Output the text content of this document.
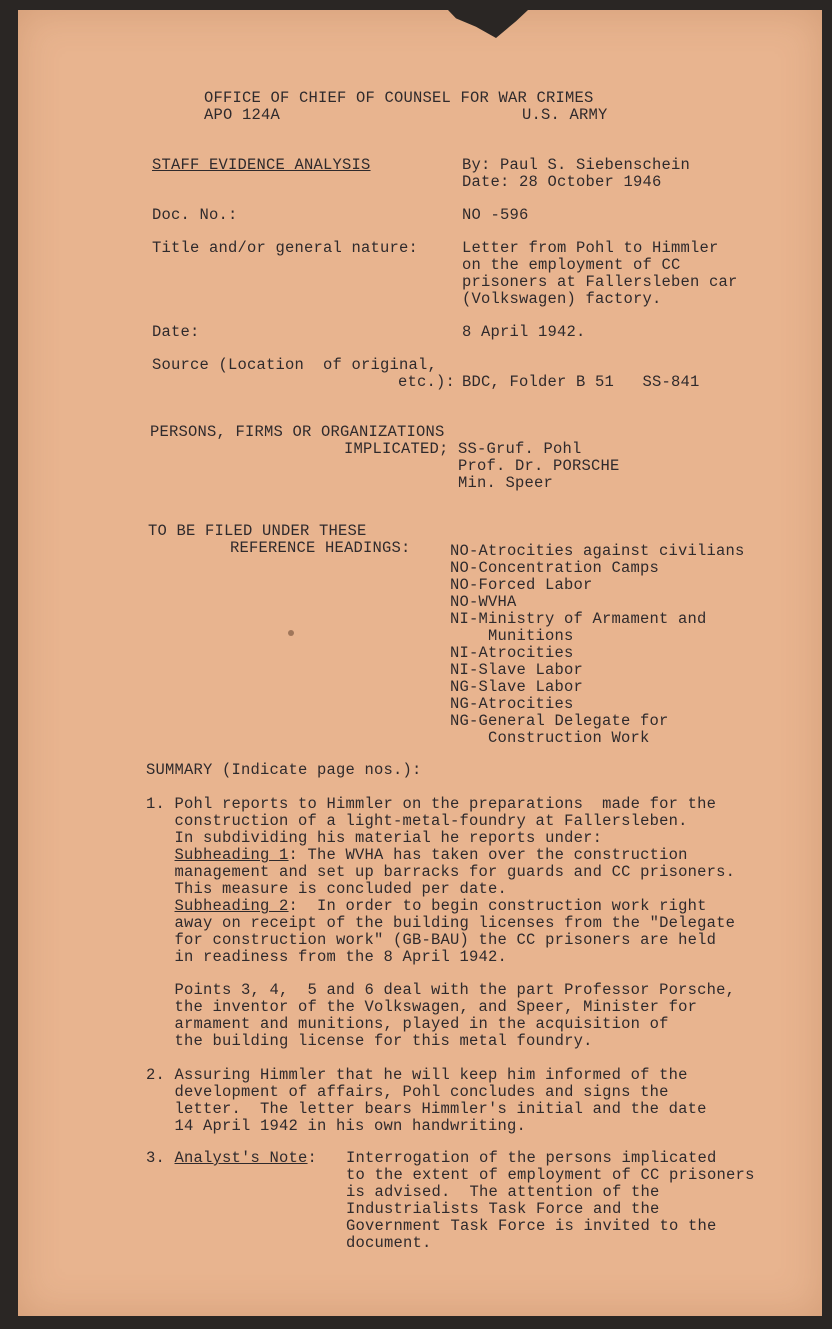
OFFICE OF CHIEF OF COUNSEL FOR WAR CRIMES
APO 124A	U.S. ARMY
STAFF EVIDENCE ANALYSIS	By: Paul S. Siebenschein
Date: 28 October 1946
Doc. No.:	NO -596
Title and/or general nature:	Letter from Pohl to Himmler
on the employment of CC
prisoners at Fallersleben car
(Volkswagen) factory.
Date:	8 April 1942.
Source (Location  of original,
etc.): BDC, Folder B 51   SS-841
PERSONS, FIRMS OR ORGANIZATIONS
IMPLICATED; SS-Gruf. Pohl
Prof. Dr. PORSCHE
Min. Speer
TO BE FILED UNDER THESE
REFERENCE HEADINGS:	NO-Atrocities against civilians
NO-Concentration Camps
NO-Forced Labor
NO-WVHA
NI-Ministry of Armament and
Munitions
NI-Atrocities
NI-Slave Labor
NG-Slave Labor
NG-Atrocities
NG-General Delegate for
Construction Work
SUMMARY (Indicate page nos.):
1. Pohl reports to Himmler on the preparations  made for the
construction of a light-metal-foundry at Fallersleben.
In subdividing his material he reports under:
Subheading 1: The WVHA has taken over the construction
management and set up barracks for guards and CC prisoners.
This measure is concluded per date.
Subheading 2:  In order to begin construction work right
away on receipt of the building licenses from the "Delegate
for construction work" (GB-BAU) the CC prisoners are held
in readiness from the 8 April 1942.
Points 3, 4,  5 and 6 deal with the part Professor Porsche,
the inventor of the Volkswagen, and Speer, Minister for
armament and munitions, played in the acquisition of
the building license for this metal foundry.
2. Assuring Himmler that he will keep him informed of the
development of affairs, Pohl concludes and signs the
letter.  The letter bears Himmler's initial and the date
14 April 1942 in his own handwriting.
3. Analyst's Note: Interrogation of the persons implicated
to the extent of employment of CC prisoners
is advised.  The attention of the
Industrialists Task Force and the
Government Task Force is invited to the
document.
